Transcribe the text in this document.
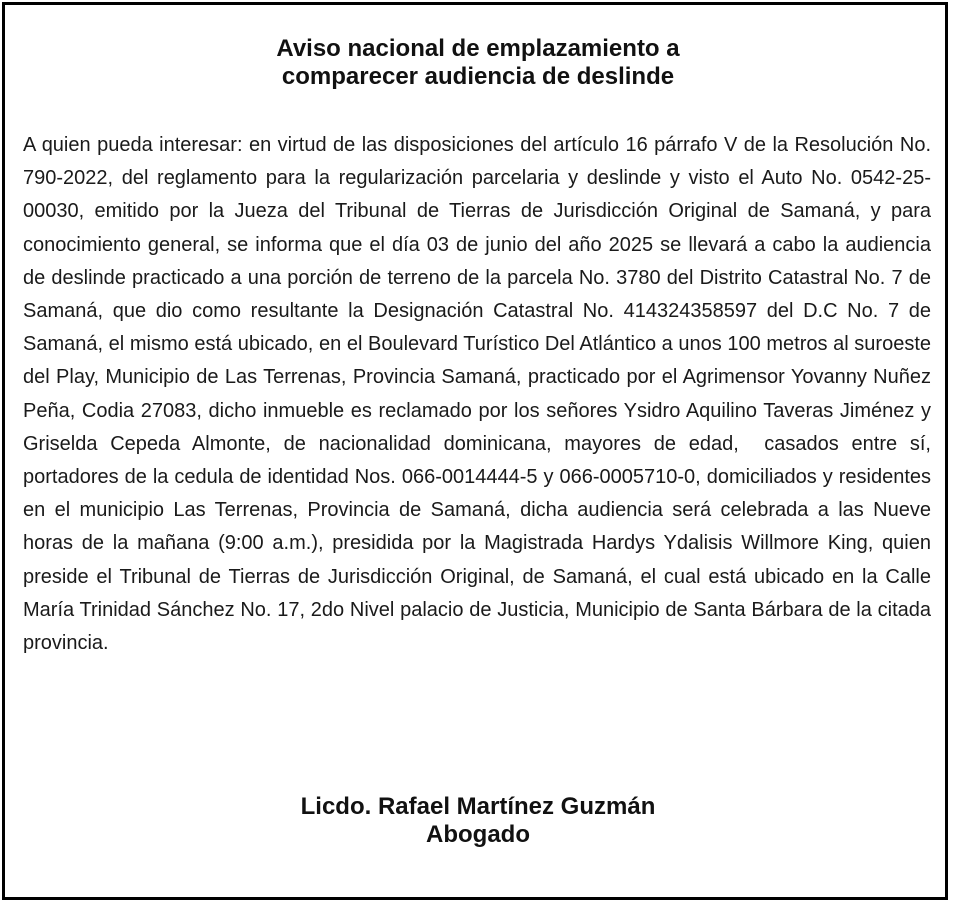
Aviso nacional de emplazamiento a
comparecer audiencia de deslinde

A quien pueda interesar: en virtud de las disposiciones del artículo 16 párrafo V de la Resolución No. 790-2022, del reglamento para la regularización parcelaria y deslinde y visto el Auto No. 0542-25-00030, emitido por la Jueza del Tribunal de Tierras de Jurisdicción Original de Samaná, y para conocimiento general, se informa que el día 03 de junio del año 2025 se llevará a cabo la audiencia de deslinde practicado a una porción de terreno de la parcela No. 3780 del Distrito Catastral No. 7 de Samaná, que dio como resultante la Designación Catastral No. 414324358597 del D.C No. 7 de Samaná, el mismo está ubicado, en el Boulevard Turístico Del Atlántico a unos 100 metros al suroeste del Play, Municipio de Las Terrenas, Provincia Samaná, practicado por el Agrimensor Yovanny Nuñez Peña, Codia 27083, dicho inmueble es reclamado por los señores Ysidro Aquilino Taveras Jiménez y Griselda Cepeda Almonte, de nacionalidad dominicana, mayores de edad,  casados entre sí, portadores de la cedula de identidad Nos. 066-0014444-5 y 066-0005710-0, domiciliados y residentes en el municipio Las Terrenas, Provincia de Samaná, dicha audiencia será celebrada a las Nueve horas de la mañana (9:00 a.m.), presidida por la Magistrada Hardys Ydalisis Willmore King, quien preside el Tribunal de Tierras de Jurisdicción Original, de Samaná, el cual está ubicado en la Calle María Trinidad Sánchez No. 17, 2do Nivel palacio de Justicia, Municipio de Santa Bárbara de la citada provincia.

Licdo. Rafael Martínez Guzmán
Abogado
